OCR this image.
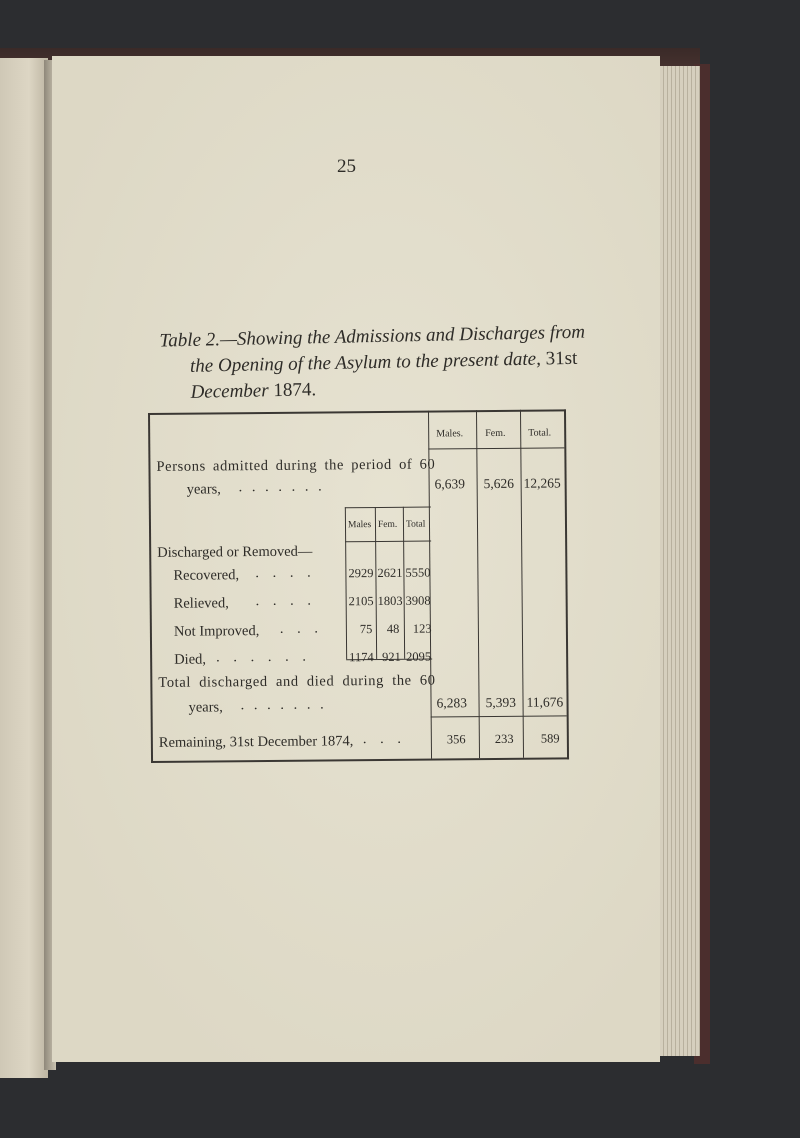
25
Table 2.—Showing the Admissions and Discharges from
the Opening of the Asylum to the present date, 31st
December 1874.
Males. Fem. Total.
Persons admitted during the period of 60
years, . . . . . . .	6,639 5,626 12,265
Discharged or Removed—
Males Fem. Total
Recovered, . . . .	2929 2621 5550
Relieved, . . . .	2105 1803 3908
Not Improved, . . .	75 48 123
Died, . . . . . .	1174 921 2095
Total discharged and died during the 60
years, . . . . . . .	6,283 5,393 11,676
Remaining, 31st December 1874, . . .	356 233 589
